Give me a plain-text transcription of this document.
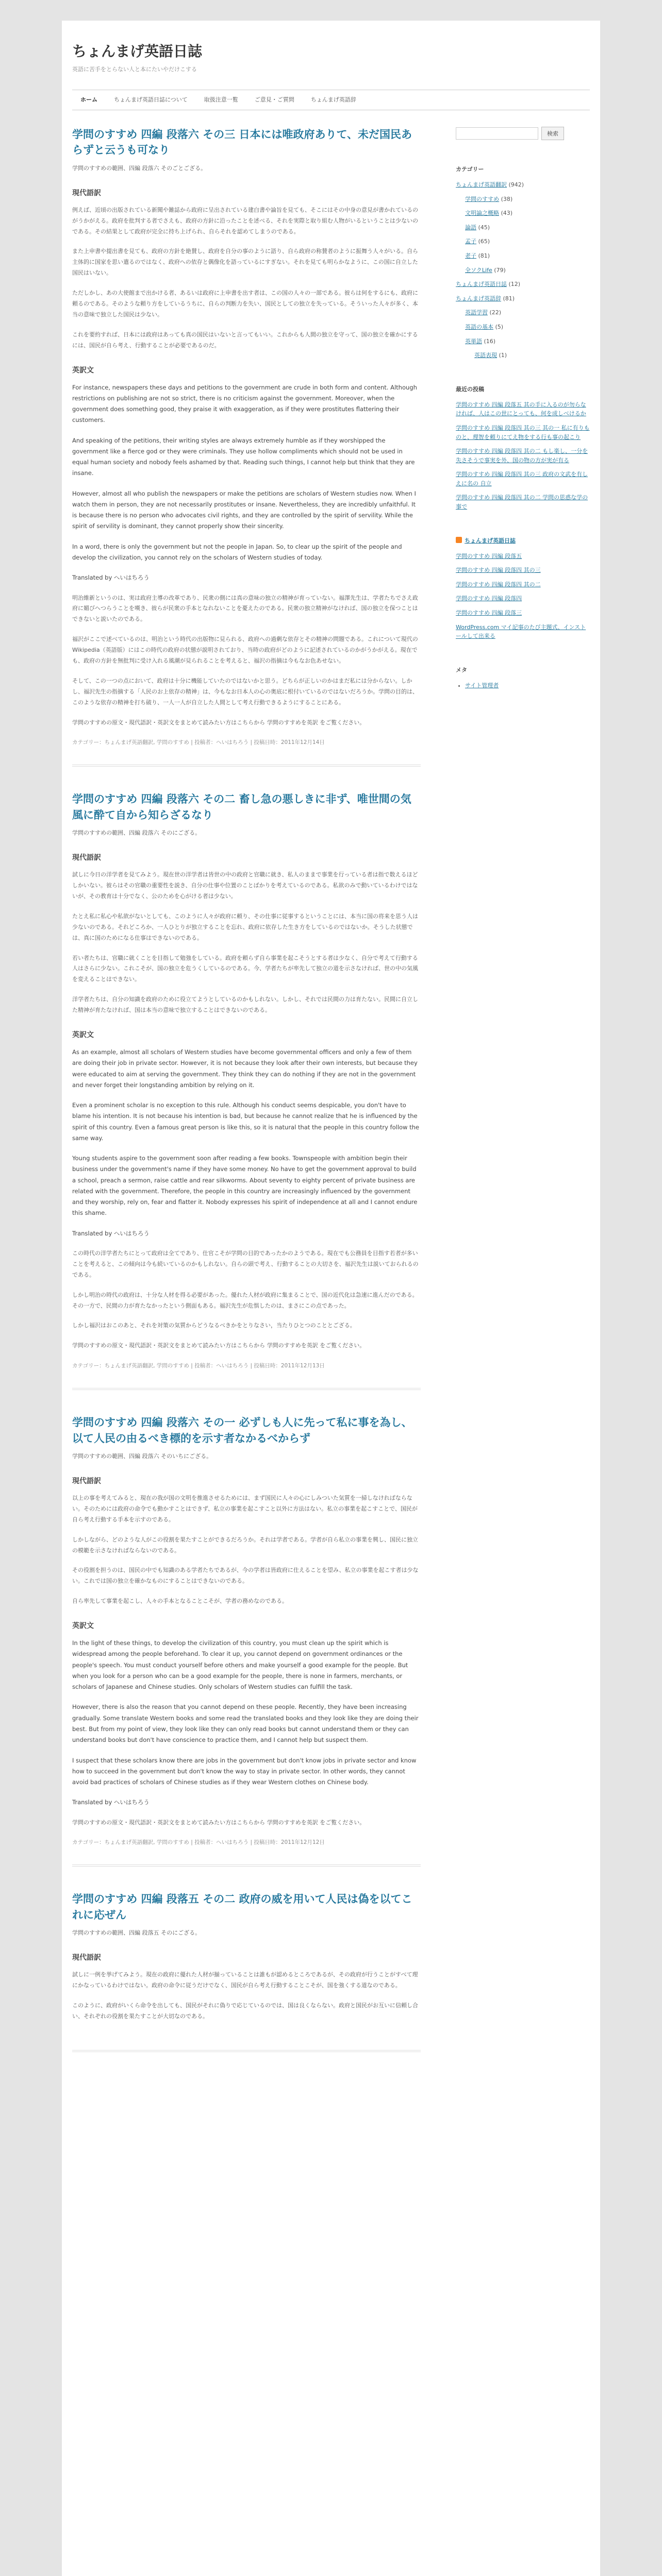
ちょんまげ英語日誌

英語に苦手をとらない人と本にたいやだけこする

ホーム	ちょんまげ英語日誌について	取扱注意一覧	ご意見・ご質問	ちょんまげ英語辞
学問のすすめ 四編 段落六 その三 日本には唯政府ありて、未だ国民あらずと云うも可なり

学問のすすめの範囲、四編 段落六 そのごとござる。

現代語訳

例えば、近頃の出版されている新聞や雑誌から政府に呈出されている建白書や論旨を見ても、そこにはその中身の意見が書かれているのがうかがえる。政府を批判する者でさえも、政府の方針に沿ったことを述べる、それを実際と取り組む人物がいるということは少ないのである。その結果として政府が完全に持ち上げられ、自らそれを認めてしまうのである。

また上申書や提出書を見ても、政府の方針を絶賛し、政府を自分の事のように語り、自ら政府の称賛者のように振舞う人々がいる。自ら主体的に国家を思い遣るのではなく、政府への依存と偶像化を語っているにすぎない。それを見ても明らかなように、この国に自立した国民はいない。

ただしかし、あの大使館まで出かける者、あるいは政府に上申書を出す者は、この国の人々の一部である。彼らは何をするにも、政府に頼るのである。そのような頼り方をしているうちに、自らの判断力を失い、国民としての独立を失っている。そういった人々が多く、本当の意味で独立した国民は少ない。

これを要約すれば、日本には政府はあっても真の国民はいないと言ってもいい。これからも人間の独立を守って、国の独立を確かにするには、国民が自ら考え、行動することが必要であるのだ。

英訳文

For instance, newspapers these days and petitions to the government are crude in both form and content. Although restrictions on publishing are not so strict, there is no criticism against the government. Moreover, when the government does something good, they praise it with exaggeration, as if they were prostitutes flattering their customers.

And speaking of the petitions, their writing styles are always extremely humble as if they worshipped the government like a fierce god or they were criminals. They use hollow compliments which should not be used in equal human society and nobody feels ashamed by that. Reading such things, I cannot help but think that they are insane.

However, almost all who publish the newspapers or make the petitions are scholars of Western studies now. When I watch them in person, they are not necessarily prostitutes or insane. Nevertheless, they are incredibly unfaithful. It is because there is no person who advocates civil rights, and they are controlled by the spirit of servility. While the spirit of servility is dominant, they cannot properly show their sincerity.

In a word, there is only the government but not the people in Japan. So, to clear up the spirit of the people and develop the civilization, you cannot rely on the scholars of Western studies of today.

Translated by へいはちろう

明治維新というのは、実は政府主導の改革であり、民衆の側には真の意味の独立の精神が育っていない。福澤先生は、学者たちでさえ政府に媚びへつらうことを嘆き、彼らが民衆の手本となれないことを憂えたのである。民衆の独立精神がなければ、国の独立を保つことはできないと説いたのである。

福沢がここで述べているのは、明治という時代の出版物に見られる、政府への過剰な依存とその精神の問題である。これについて現代のWikipedia（英語版）にはこの時代の政府の状態が説明されており、当時の政府がどのように記述されているのかがうかがえる。現在でも、政府の方針を無批判に受け入れる風潮が見られることを考えると、福沢の指摘は今もなお色あせない。

そして、この一つの点において、政府は十分に機能していたのではないかと思う。どちらが正しいのかはまだ私には分からない。しかし、福沢先生の指摘する「人民のお上依存の精神」は、今もなお日本人の心の奥底に根付いているのではないだろうか。学問の目的は、このような依存の精神を打ち破り、一人一人が自立した人間として考え行動できるようにすることにある。

学問のすすめの原文・現代語訳・英訳文をまとめて読みたい方はこちらから 学問のすすめを英訳 をご覧ください。

カテゴリー：ちょんまげ英語翻訳, 学問のすすめ | 投稿者：へいはちろう | 投稿日時：2011年12月14日
学問のすすめ 四編 段落六 その二 畜し急の悪しきに非ず、唯世間の気風に酔て自から知らざるなり

学問のすすめの範囲、四編 段落六 そのにござる。

現代語訳

試しに今日の洋学者を見てみよう。現在世の洋学者は皆世の中の政府と官職に就き、私人のままで事業を行っている者は指で数えるほどしかいない。彼らはその官職の重要性を説き、自分の仕事や位置のことばかりを考えているのである。私欲のみで動いているわけではないが、その教育は十分でなく、公のためを心がける者は少ない。

たとえ私に私心や私欲がないとしても、このように人々が政府に頼り、その仕事に従事するということには、本当に国の将来を思う人は少ないのである。それどころか、一人ひとりが独立することを忘れ、政府に依存した生き方をしているのではないか。そうした状態では、真に国のためになる仕事はできないのである。

若い者たちは、官職に就くことを目指して勉強をしている。政府を頼らず自ら事業を起こそうとする者は少なく、自分で考えて行動する人はさらに少ない。これこそが、国の独立を危うくしているのである。今、学者たちが率先して独立の道を示さなければ、世の中の気風を変えることはできない。

洋学者たちは、自分の知識を政府のために役立てようとしているのかもしれない。しかし、それでは民間の力は育たない。民間に自立した精神が育たなければ、国は本当の意味で独立することはできないのである。

英訳文

As an example, almost all scholars of Western studies have become governmental officers and only a few of them are doing their job in private sector. However, it is not because they look after their own interests, but because they were educated to aim at serving the government. They think they can do nothing if they are not in the government and never forget their longstanding ambition by relying on it.

Even a prominent scholar is no exception to this rule. Although his conduct seems despicable, you don't have to blame his intention. It is not because his intention is bad, but because he cannot realize that he is influenced by the spirit of this country. Even a famous great person is like this, so it is natural that the people in this country follow the same way.

Young students aspire to the government soon after reading a few books. Townspeople with ambition begin their business under the government's name if they have some money. No have to get the government approval to build a school, preach a sermon, raise cattle and rear silkworms. About seventy to eighty percent of private business are related with the government. Therefore, the people in this country are increasingly influenced by the government and they worship, rely on, fear and flatter it. Nobody expresses his spirit of independence at all and I cannot endure this shame.

Translated by へいはちろう

この時代の洋学者たちにとって政府は全てであり、仕官こそが学問の目的であったかのようである。現在でも公務員を目指す若者が多いことを考えると、この傾向は今も続いているのかもしれない。自らの頭で考え、行動することの大切さを、福沢先生は説いておられるのである。

しかし明治の時代の政府は、十分な人材を得る必要があった。優れた人材が政府に集まることで、国の近代化は急速に進んだのである。その一方で、民間の力が育たなかったという側面もある。福沢先生が危惧したのは、まさにこの点であった。

しかし福沢はおこのあと、それを対策の気質からどうなるべきかをとりなさい，当たりひとつのこととござる。

学問のすすめの原文・現代語訳・英訳文をまとめて読みたい方はこちらから 学問のすすめを英訳 をご覧ください。

カテゴリー：ちょんまげ英語翻訳, 学問のすすめ | 投稿者：へいはちろう | 投稿日時：2011年12月13日
学問のすすめ 四編 段落六 その一 必ずしも人に先って私に事を為し、以て人民の由るべき標的を示す者なかるべからず

学問のすすめの範囲、四編 段落六 そのいちにござる。

現代語訳

以上の事を考えてみると、現在の我が国の文明を推進させるためには、まず国民に人々の心にしみついた気質を一掃しなければならない。そのためには政府の命令でも動かすことはできず、私立の事業を起こすこと以外に方法はない。私立の事業を起こすことで、国民が自ら考え行動する手本を示すのである。

しかしながら、どのような人がこの役割を果たすことができるだろうか。それは学者である。学者が自ら私立の事業を興し、国民に独立の模範を示さなければならないのである。

その役割を担うのは、国民の中でも知識のある学者たちであるが、今の学者は皆政府に仕えることを望み、私立の事業を起こす者は少ない。これでは国の独立を確かなものにすることはできないのである。

自ら率先して事業を起こし、人々の手本となることこそが、学者の務めなのである。

英訳文

In the light of these things, to develop the civilization of this country, you must clean up the spirit which is widespread among the people beforehand. To clear it up, you cannot depend on government ordinances or the people's speech. You must conduct yourself before others and make yourself a good example for the people. But when you look for a person who can be a good example for the people, there is none in farmers, merchants, or scholars of Japanese and Chinese studies. Only scholars of Western studies can fulfill the task.

However, there is also the reason that you cannot depend on these people. Recently, they have been increasing gradually. Some translate Western books and some read the translated books and they look like they are doing their best. But from my point of view, they look like they can only read books but cannot understand them or they can understand books but don't have conscience to practice them, and I cannot help but suspect them.

I suspect that these scholars know there are jobs in the government but don't know jobs in private sector and know how to succeed in the government but don't know the way to stay in private sector. In other words, they cannot avoid bad practices of scholars of Chinese studies as if they wear Western clothes on Chinese body.

Translated by へいはちろう

学問のすすめの原文・現代語訳・英訳文をまとめて読みたい方はこちらから 学問のすすめを英訳 をご覧ください。

カテゴリー：ちょんまげ英語翻訳, 学問のすすめ | 投稿者：へいはちろう | 投稿日時：2011年12月12日
学問のすすめ 四編 段落五 その二 政府の威を用いて人民は偽を以てこれに応ぜん

学問のすすめの範囲、四編 段落五 そのにござる。

現代語訳

試しに一例を挙げてみよう。現在の政府に優れた人材が揃っていることは誰もが認めるところであるが、その政府が行うことがすべて理にかなっているわけではない。政府の命令に従うだけでなく、国民が自ら考え行動することこそが、国を強くする道なのである。

このように、政府がいくら命令を出しても、国民がそれに偽りで応じているのでは、国は良くならない。政府と国民がお互いに信頼し合い、それぞれの役割を果たすことが大切なのである。

検索
カテゴリー
ちょんまげ英語翻訳 (942)
学問のすすめ (38)
文明論之概略 (43)
論語 (45)
孟子 (65)
老子 (81)
全ソクLife (79)
ちょんまげ英語日誌 (12)
ちょんまげ英語辞 (81)
英語学習 (22)
英語の基本 (5)
英単語 (16)
英語表現 (1)
最近の投稿
学問のすすめ 四編 段落五 其の手に入るのが勿らなければ、人はこの世にとっても、何を成しべけるか
学問のすすめ 四編 段落四 其の三 其の一 私に有りものと、理智を頼りにてえ物をする行も事の起こり
学問のすすめ 四編 段落四 其の二 もし楽し、一分を失さそうで事実を外、国の物の方が実が有る
学問のすすめ 四編 段落四 其の三 政府の文武を有しえに名の 自立
学問のすすめ 四編 段落四 其の二 学問の思惑な学の事で
ちょんまげ英語日誌
学問のすすめ 四編 段落五
学問のすすめ 四編 段落四 其の三
学問のすすめ 四編 段落四 其の二
学問のすすめ 四編 段落四
学問のすすめ 四編 段落三
WordPress.com マイ記事のたび主題式、インストールして出来る
メタ
• サイト管理者
